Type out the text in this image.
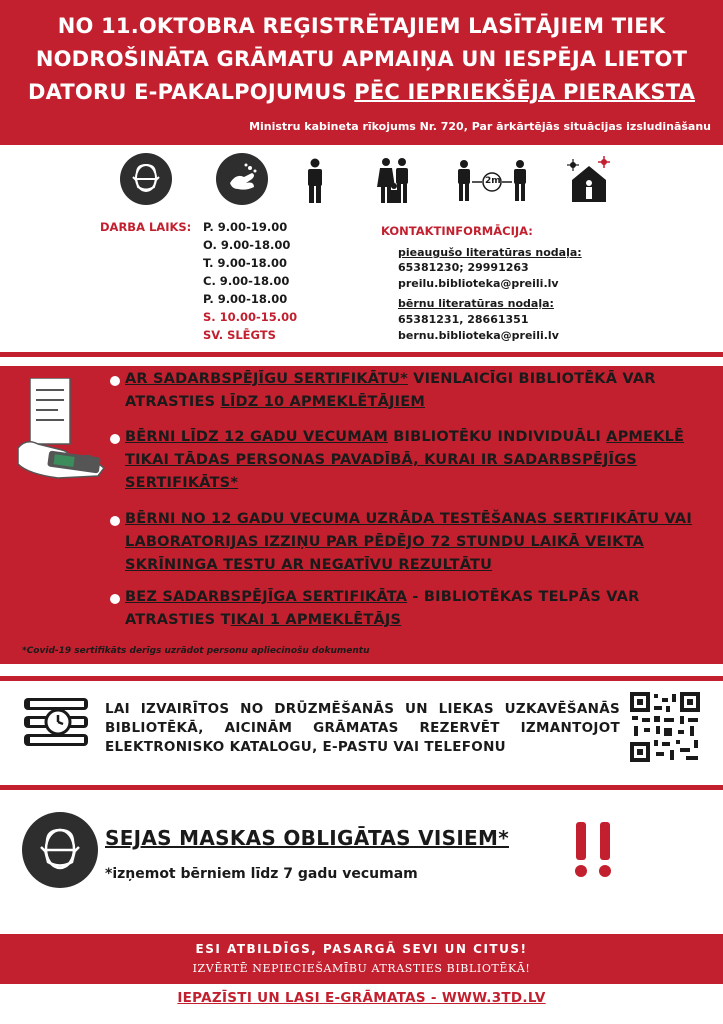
NO 11.OKTOBRA REĢISTRĒTAJIEM LASĪTĀJIEM TIEK
NODROŠINĀTA GRĀMATU APMAIŅA UN IESPĒJA LIETOT
DATORU E-PAKALPOJUMUS PĒC IEPRIEKŠĒJA PIERAKSTA
Ministru kabineta rīkojums Nr. 720, Par ārkārtējās situācijas izsludināšanu
2m
DARBA LAIKS: P. 9.00-19.00
O. 9.00-18.00
T. 9.00-18.00
C. 9.00-18.00
P. 9.00-18.00
S. 10.00-15.00
SV. SLĒGTS
KONTAKTINFORMĀCIJA:
pieaugušo literatūras nodaļa:
65381230; 29991263
preilu.biblioteka@preili.lv
bērnu literatūras nodaļa:
65381231, 28661351
bernu.biblioteka@preili.lv
AR SADARBSPĒJĪGU SERTIFIKĀTU* VIENLAICĪGI BIBLIOTĒKĀ VAR ATRASTIES LĪDZ 10 APMEKLĒTĀJIEM
BĒRNI LĪDZ 12 GADU VECUMAM BIBLIOTĒKU INDIVIDUĀLI APMEKLĒ TIKAI TĀDAS PERSONAS PAVADĪBĀ, KURAI IR SADARBSPĒJĪGS SERTIFIKĀTS*
BĒRNI NO 12 GADU VECUMA UZRĀDA TESTĒŠANAS SERTIFIKĀTU VAI LABORATORIJAS IZZIŅU PAR PĒDĒJO 72 STUNDU LAIKĀ VEIKTA SKRĪNINGA TESTU AR NEGATĪVU REZULTĀTU
BEZ SADARBSPĒJĪGA SERTIFIKĀTA - BIBLIOTĒKAS TELPĀS VAR ATRASTIES TIKAI 1 APMEKLĒTĀJS
*Covid-19 sertifikāts derīgs uzrādot personu apliecinošu dokumentu
LAI IZVAIRĪTOS NO DRŪZMĒŠANĀS UN LIEKAS UZKAVĒŠANĀS BIBLIOTĒKĀ, AICINĀM GRĀMATAS REZERVĒT IZMANTOJOT ELEKTRONISKO KATALOGU, E-PASTU VAI TELEFONU
SEJAS MASKAS OBLIGĀTAS VISIEM*
*izņemot bērniem līdz 7 gadu vecumam
ESI ATBILDĪGS, PASARGĀ SEVI UN CITUS!
IZVĒRTĒ NEPIECIEŠAMĪBU ATRASTIES BIBLIOTĒKĀ!
IEPAZĪSTI UN LASI E-GRĀMATAS - WWW.3TD.LV
